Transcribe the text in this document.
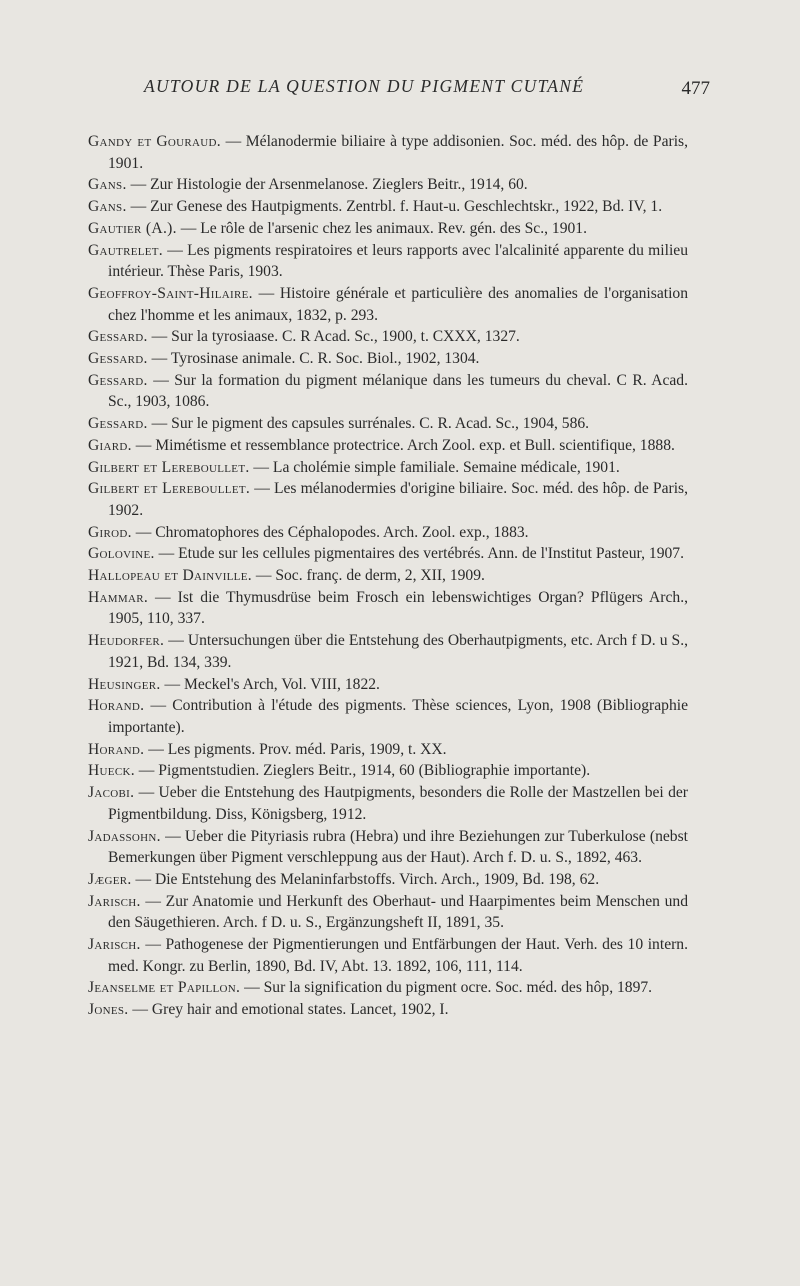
AUTOUR DE LA QUESTION DU PIGMENT CUTANÉ	477

Gandy et Gouraud. — Mélanodermie biliaire à type addisonien. Soc. méd. des hôp. de Paris, 1901.

Gans. — Zur Histologie der Arsenmelanose. Zieglers Beitr., 1914, 60.

Gans. — Zur Genese des Hautpigments. Zentrbl. f. Haut-u. Geschlechtskr., 1922, Bd. IV, 1.

Gautier (A.). — Le rôle de l'arsenic chez les animaux. Rev. gén. des Sc., 1901.

Gautrelet. — Les pigments respiratoires et leurs rapports avec l'alcalinité apparente du milieu intérieur. Thèse Paris, 1903.

Geoffroy-Saint-Hilaire. — Histoire générale et particulière des anomalies de l'organisation chez l'homme et les animaux, 1832, p. 293.

Gessard. — Sur la tyrosiaase. C. R Acad. Sc., 1900, t. CXXX, 1327.

Gessard. — Tyrosinase animale. C. R. Soc. Biol., 1902, 1304.

Gessard. — Sur la formation du pigment mélanique dans les tumeurs du cheval. C R. Acad. Sc., 1903, 1086.

Gessard. — Sur le pigment des capsules surrénales. C. R. Acad. Sc., 1904, 586.

Giard. — Mimétisme et ressemblance protectrice. Arch Zool. exp. et Bull. scientifique, 1888.

Gilbert et Lereboullet. — La cholémie simple familiale. Semaine médicale, 1901.

Gilbert et Lereboullet. — Les mélanodermies d'origine biliaire. Soc. méd. des hôp. de Paris, 1902.

Girod. — Chromatophores des Céphalopodes. Arch. Zool. exp., 1883.

Golovine. — Etude sur les cellules pigmentaires des vertébrés. Ann. de l'Institut Pasteur, 1907.

Hallopeau et Dainville. — Soc. franç. de derm, 2, XII, 1909.

Hammar. — Ist die Thymusdrüse beim Frosch ein lebenswichtiges Organ? Pflügers Arch., 1905, 110, 337.

Heudorfer. — Untersuchungen über die Entstehung des Oberhautpigments, etc. Arch f D. u S., 1921, Bd. 134, 339.

Heusinger. — Meckel's Arch, Vol. VIII, 1822.

Horand. — Contribution à l'étude des pigments. Thèse sciences, Lyon, 1908 (Bibliographie importante).

Horand. — Les pigments. Prov. méd. Paris, 1909, t. XX.

Hueck. — Pigmentstudien. Zieglers Beitr., 1914, 60 (Bibliographie importante).

Jacobi. — Ueber die Entstehung des Hautpigments, besonders die Rolle der Mastzellen bei der Pigmentbildung. Diss, Königsberg, 1912.

Jadassohn. — Ueber die Pityriasis rubra (Hebra) und ihre Beziehungen zur Tuberkulose (nebst Bemerkungen über Pigment verschleppung aus der Haut). Arch f. D. u. S., 1892, 463.

Jæger. — Die Entstehung des Melaninfarbstoffs. Virch. Arch., 1909, Bd. 198, 62.

Jarisch. — Zur Anatomie und Herkunft des Oberhaut- und Haarpimentes beim Menschen und den Säugethieren. Arch. f D. u. S., Ergänzungsheft II, 1891, 35.

Jarisch. — Pathogenese der Pigmentierungen und Entfärbungen der Haut. Verh. des 10 intern. med. Kongr. zu Berlin, 1890, Bd. IV, Abt. 13. 1892, 106, 111, 114.

Jeanselme et Papillon. — Sur la signification du pigment ocre. Soc. méd. des hôp, 1897.

Jones. — Grey hair and emotional states. Lancet, 1902, I.
